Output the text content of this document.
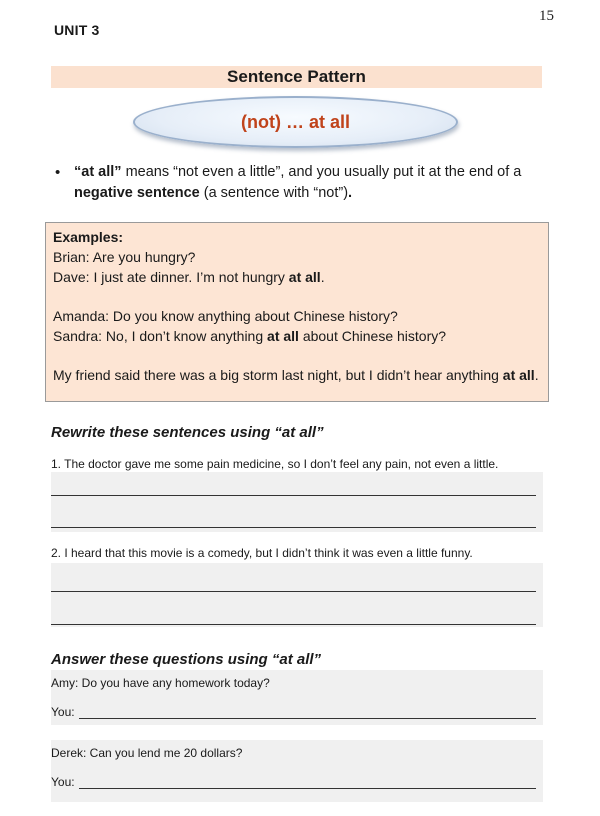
15
UNIT 3
Sentence Pattern
(not) … at all
• “at all” means “not even a little”, and you usually put it at the end of a negative sentence (a sentence with “not”).
Examples:
Brian: Are you hungry?
Dave: I just ate dinner. I’m not hungry at all.
Amanda: Do you know anything about Chinese history?
Sandra: No, I don’t know anything at all about Chinese history?
My friend said there was a big storm last night, but I didn’t hear anything at all.
Rewrite these sentences using “at all”
1. The doctor gave me some pain medicine, so I don’t feel any pain, not even a little.
2. I heard that this movie is a comedy, but I didn’t think it was even a little funny.
Answer these questions using “at all”
Amy: Do you have any homework today?
You:
Derek: Can you lend me 20 dollars?
You:
